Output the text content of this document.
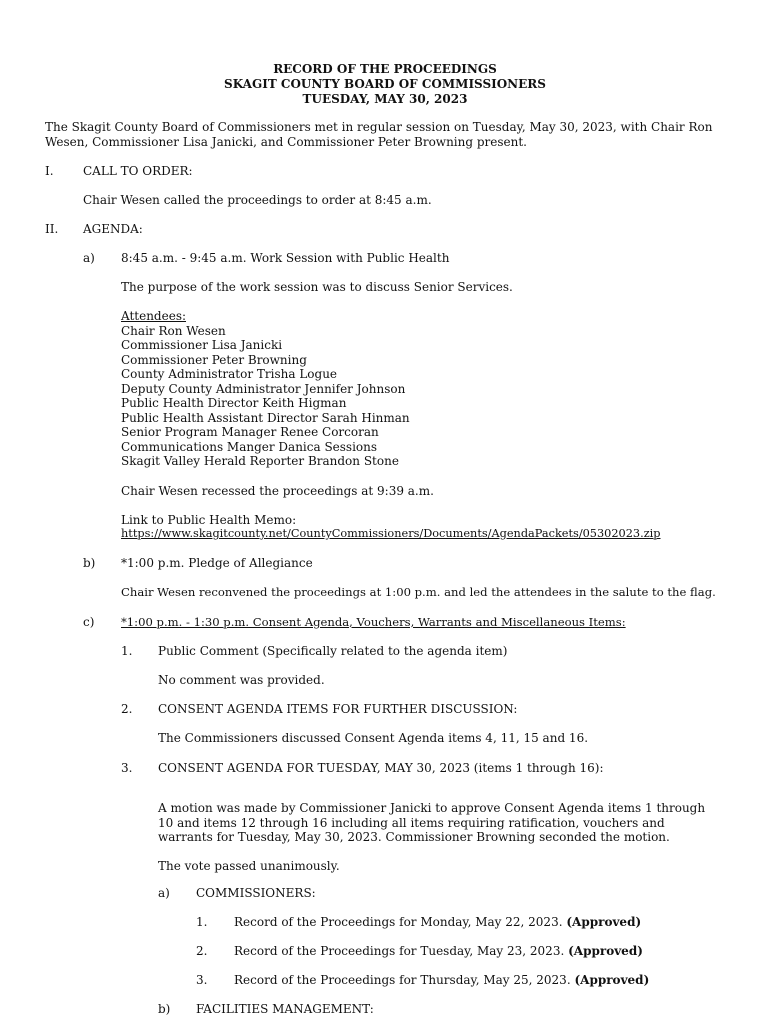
RECORD OF THE PROCEEDINGS
SKAGIT COUNTY BOARD OF COMMISSIONERS
TUESDAY, MAY 30, 2023
The Skagit County Board of Commissioners met in regular session on Tuesday, May 30, 2023, with Chair Ron Wesen, Commissioner Lisa Janicki, and Commissioner Peter Browning present.
I. CALL TO ORDER:
Chair Wesen called the proceedings to order at 8:45 a.m.
II. AGENDA:
a) 8:45 a.m. - 9:45 a.m. Work Session with Public Health
The purpose of the work session was to discuss Senior Services.
Attendees:
Chair Ron Wesen
Commissioner Lisa Janicki
Commissioner Peter Browning
County Administrator Trisha Logue
Deputy County Administrator Jennifer Johnson
Public Health Director Keith Higman
Public Health Assistant Director Sarah Hinman
Senior Program Manager Renee Corcoran
Communications Manger Danica Sessions
Skagit Valley Herald Reporter Brandon Stone
Chair Wesen recessed the proceedings at 9:39 a.m.
Link to Public Health Memo:
https://www.skagitcounty.net/CountyCommissioners/Documents/AgendaPackets/05302023.zip
b) *1:00 p.m. Pledge of Allegiance
Chair Wesen reconvened the proceedings at 1:00 p.m. and led the attendees in the salute to the flag.
c) *1:00 p.m. - 1:30 p.m. Consent Agenda, Vouchers, Warrants and Miscellaneous Items:
1. Public Comment (Specifically related to the agenda item)
No comment was provided.
2. CONSENT AGENDA ITEMS FOR FURTHER DISCUSSION:
The Commissioners discussed Consent Agenda items 4, 11, 15 and 16.
3. CONSENT AGENDA FOR TUESDAY, MAY 30, 2023 (items 1 through 16):
A motion was made by Commissioner Janicki to approve Consent Agenda items 1 through 10 and items 12 through 16 including all items requiring ratification, vouchers and warrants for Tuesday, May 30, 2023. Commissioner Browning seconded the motion.
The vote passed unanimously.
a) COMMISSIONERS:
1. Record of the Proceedings for Monday, May 22, 2023. (Approved)
2. Record of the Proceedings for Tuesday, May 23, 2023. (Approved)
3. Record of the Proceedings for Thursday, May 25, 2023. (Approved)
b) FACILITIES MANAGEMENT:
